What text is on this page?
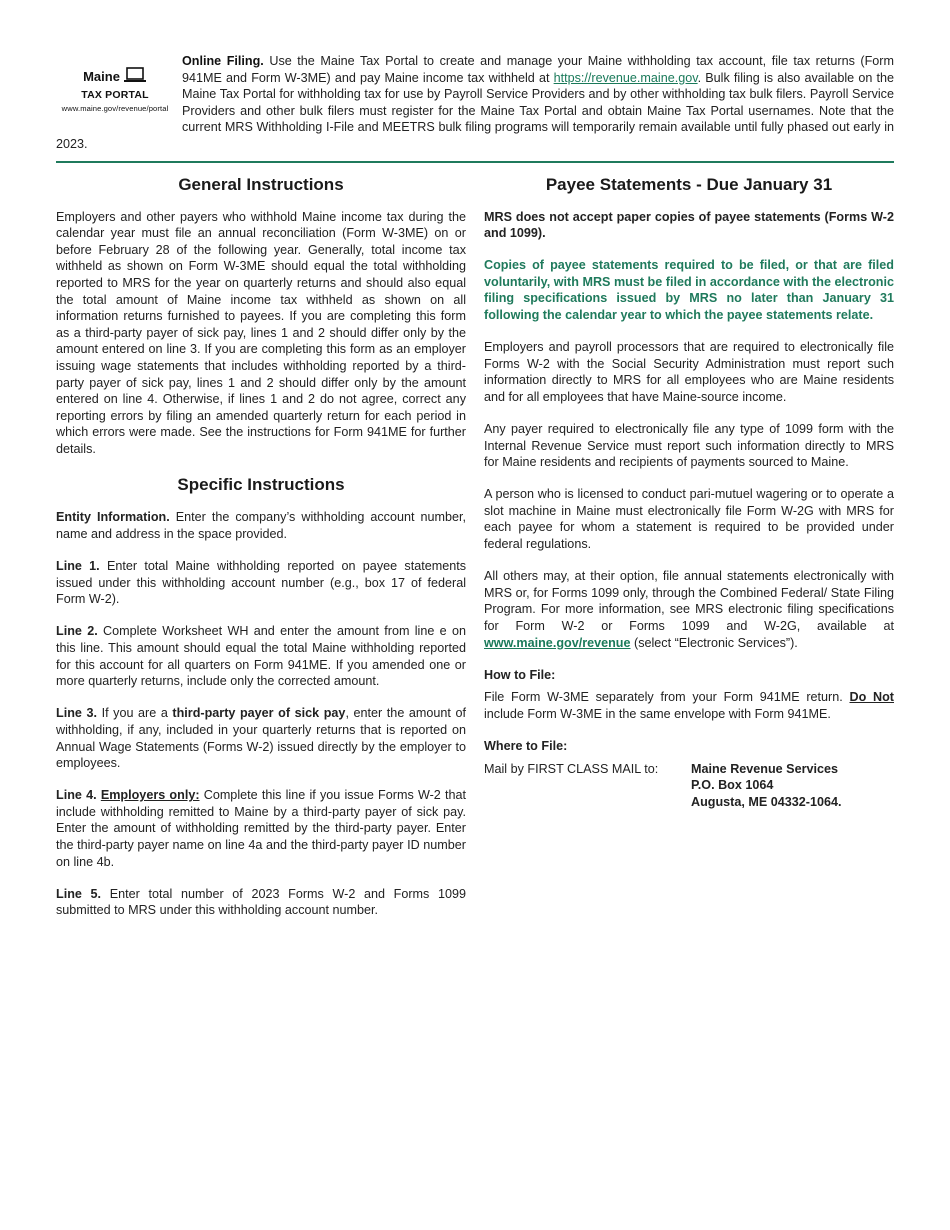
Maine
TAX PORTAL
www.maine.gov/revenue/portal

Online Filing. Use the Maine Tax Portal to create and manage your Maine withholding tax account, file tax returns (Form 941ME and Form W-3ME) and pay Maine income tax withheld at https://revenue.maine.gov. Bulk filing is also available on the Maine Tax Portal for withholding tax for use by Payroll Service Providers and by other withholding tax bulk filers. Payroll Service Providers and other bulk filers must register for the Maine Tax Portal and obtain Maine Tax Portal usernames. Note that the current MRS Withholding I-File and MEETRS bulk filing programs will temporarily remain available until fully phased out early in 2023.

General Instructions

Employers and other payers who withhold Maine income tax during the calendar year must file an annual reconciliation (Form W-3ME) on or before February 28 of the following year. Generally, total income tax withheld as shown on Form W-3ME should equal the total withholding reported to MRS for the year on quarterly returns and should also equal the total amount of Maine income tax withheld as shown on all information returns furnished to payees. If you are completing this form as a third-party payer of sick pay, lines 1 and 2 should differ only by the amount entered on line 3. If you are completing this form as an employer issuing wage statements that includes withholding reported by a third-party payer of sick pay, lines 1 and 2 should differ only by the amount entered on line 4. Otherwise, if lines 1 and 2 do not agree, correct any reporting errors by filing an amended quarterly return for each period in which errors were made. See the instructions for Form 941ME for further details.

Specific Instructions

Entity Information. Enter the company’s withholding account number, name and address in the space provided.

Line 1. Enter total Maine withholding reported on payee statements issued under this withholding account number (e.g., box 17 of federal Form W-2).

Line 2. Complete Worksheet WH and enter the amount from line e on this line. This amount should equal the total Maine withholding reported for this account for all quarters on Form 941ME. If you amended one or more quarterly returns, include only the corrected amount.

Line 3. If you are a third-party payer of sick pay, enter the amount of withholding, if any, included in your quarterly returns that is reported on Annual Wage Statements (Forms W-2) issued directly by the employer to employees.

Line 4. Employers only: Complete this line if you issue Forms W-2 that include withholding remitted to Maine by a third-party payer of sick pay. Enter the amount of withholding remitted by the third-party payer. Enter the third-party payer name on line 4a and the third-party payer ID number on line 4b.

Line 5. Enter total number of 2023 Forms W-2 and Forms 1099 submitted to MRS under this withholding account number.

Payee Statements - Due January 31

MRS does not accept paper copies of payee statements (Forms W-2 and 1099).

Copies of payee statements required to be filed, or that are filed voluntarily, with MRS must be filed in accordance with the electronic filing specifications issued by MRS no later than January 31 following the calendar year to which the payee statements relate.

Employers and payroll processors that are required to electronically file Forms W-2 with the Social Security Administration must report such information directly to MRS for all employees who are Maine residents and for all employees that have Maine-source income.

Any payer required to electronically file any type of 1099 form with the Internal Revenue Service must report such information directly to MRS for Maine residents and recipients of payments sourced to Maine.

A person who is licensed to conduct pari-mutuel wagering or to operate a slot machine in Maine must electronically file Form W-2G with MRS for each payee for whom a statement is required to be provided under federal regulations.

All others may, at their option, file annual statements electronically with MRS or, for Forms 1099 only, through the Combined Federal/ State Filing Program. For more information, see MRS electronic filing specifications for Form W-2 or Forms 1099 and W-2G, available at www.maine.gov/revenue (select “Electronic Services”).

How to File:

File Form W-3ME separately from your Form 941ME return. Do Not include Form W-3ME in the same envelope with Form 941ME.

Where to File:
Mail by FIRST CLASS MAIL to:	Maine Revenue Services
P.O. Box 1064
Augusta, ME 04332-1064.
